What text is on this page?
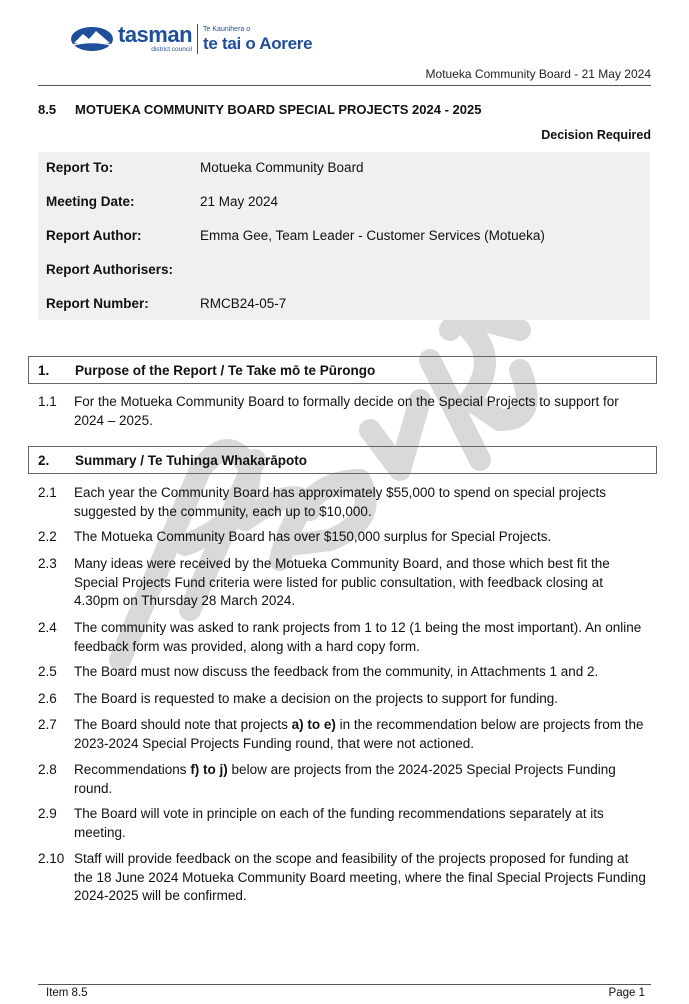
tasman
district council
Te Kaunihera o
te tai o Aorere
Motueka Community Board - 21 May 2024
8.5 MOTUEKA COMMUNITY BOARD SPECIAL PROJECTS 2024 - 2025
Decision Required
Report To:	Motueka Community Board
Meeting Date:	21 May 2024
Report Author:	Emma Gee, Team Leader - Customer Services (Motueka)
Report Authorisers:
Report Number:	RMCB24-05-7
1.	Purpose of the Report / Te Take mō te Pūrongo
1.1	For the Motueka Community Board to formally decide on the Special Projects to support for 2024 – 2025.
2.	Summary / Te Tuhinga Whakarāpoto
2.1	Each year the Community Board has approximately $55,000 to spend on special projects suggested by the community, each up to $10,000.
2.2	The Motueka Community Board has over $150,000 surplus for Special Projects.
2.3	Many ideas were received by the Motueka Community Board, and those which best fit the Special Projects Fund criteria were listed for public consultation, with feedback closing at 4.30pm on Thursday 28 March 2024.
2.4	The community was asked to rank projects from 1 to 12 (1 being the most important). An online feedback form was provided, along with a hard copy form.
2.5	The Board must now discuss the feedback from the community, in Attachments 1 and 2.
2.6	The Board is requested to make a decision on the projects to support for funding.
2.7	The Board should note that projects a) to e) in the recommendation below are projects from the 2023-2024 Special Projects Funding round, that were not actioned.
2.8	Recommendations f) to j) below are projects from the 2024-2025 Special Projects Funding round.
2.9	The Board will vote in principle on each of the funding recommendations separately at its meeting.
2.10 Staff will provide feedback on the scope and feasibility of the projects proposed for funding at the 18 June 2024 Motueka Community Board meeting, where the final Special Projects Funding 2024-2025 will be confirmed.
Item 8.5	Page 1
